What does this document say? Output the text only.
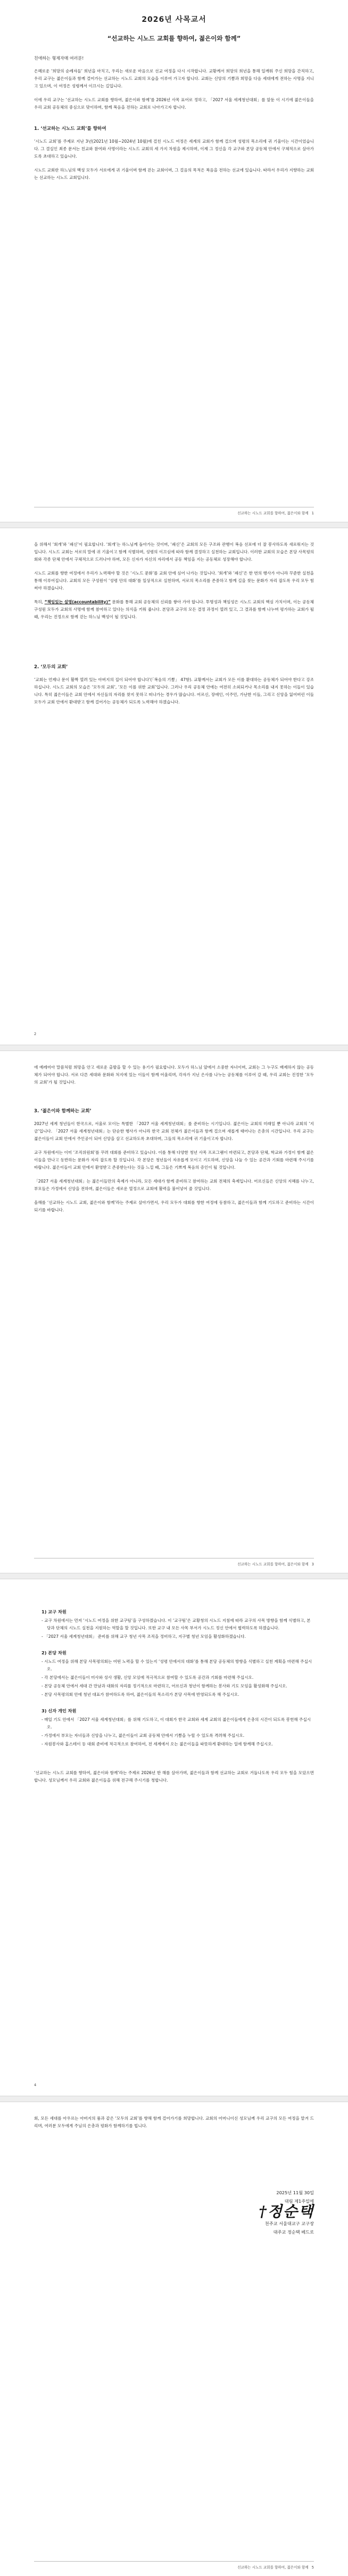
2026년 사목교서
“선교하는 시노드 교회를 향하여, 젊은이와 함께”
친애하는 형제자매 여러분!

은혜로운 ‘희망의 순례자들’ 희년을 마치고, 우리는 새로운 마음으로 선교 여정을 다시 시작합니다. 교황께서 희망의 희년을 통해 일깨워 주신 희망을 간직하고, 우리 교구는 젊은이들과 함께 걸어가는 선교하는 시노드 교회의 모습을 이루어 가고자 합니다. 교회는 신앙의 기쁨과 희망을 다음 세대에게 전하는 사명을 지니고 있으며, 이 여정은 성령께서 이끄시는 길입니다.

이에 우리 교구는 ‘선교하는 시노드 교회를 향하여, 젊은이와 함께’를 2026년 사목 표어로 정하고, 「2027 서울 세계청년대회」를 앞둔 이 시기에 젊은이들을 우리 교회 공동체의 중심으로 맞이하며, 함께 복음을 전하는 교회로 나아가고자 합니다.

1. ‘선교하는 시노드 교회’를 향하여

‘시노드 교회’를 주제로 지난 3년(2021년 10월~2024년 10월)에 걸친 시노드 여정은 세계의 교회가 함께 걸으며 성령의 목소리에 귀 기울이는 시간이었습니다. 그 결실인 최종 문서는 친교와 참여와 사명이라는 시노드 교회의 세 가지 차원을 제시하며, 이제 그 정신을 각 교구와 본당 공동체 안에서 구체적으로 살아가도록 초대하고 있습니다.

시노드 교회란 하느님의 백성 모두가 서로에게 귀 기울이며 함께 걷는 교회이며, 그 걸음의 목적은 복음을 전하는 선교에 있습니다. 따라서 우리가 지향하는 교회는 선교하는 시노드 교회입니다.

선교하는 시노드 교회를 향하여, 젊은이와 함께 1

을 위해서 ‘회개’와 ‘쇄신’이 필요합니다. ‘회개’는 하느님께 돌아가는 것이며, ‘쇄신’은 교회의 모든 구조와 관행이 복음 선포에 더 잘 봉사하도록 새로워지는 것입니다. 시노드 교회는 서로의 말에 귀 기울이고 함께 식별하며, 성령의 이끄심에 따라 함께 결정하고 실천하는 교회입니다. 이러한 교회의 모습은 본당 사목평의회와 각종 단체 안에서 구체적으로 드러나야 하며, 모든 신자가 자신의 자리에서 공동 책임을 지는 공동체로 성장해야 합니다.

시노드 교회를 향한 여정에서 우리가 노력해야 할 것은 ‘시노드 문화’를 교회 안에 심어 나가는 것입니다. ‘회개’와 ‘쇄신’은 한 번의 행사가 아니라 꾸준한 실천을 통해 이루어집니다. 교회의 모든 구성원이 ‘성령 안의 대화’를 일상적으로 실천하며, 서로의 목소리를 존중하고 함께 길을 찾는 문화가 자리 잡도록 우리 모두 힘써야 하겠습니다.

특히, “책임있는 설명(accountability)” 문화를 통해 교회 공동체의 신뢰를 쌓아 가야 합니다. 투명성과 책임성은 시노드 교회의 핵심 가치이며, 이는 공동체 구성원 모두가 교회의 사명에 함께 참여하고 있다는 의식을 키워 줍니다. 본당과 교구의 모든 결정 과정이 열려 있고, 그 결과를 함께 나누며 평가하는 교회가 될 때, 우리는 진정으로 함께 걷는 하느님 백성이 될 것입니다.

2. ‘모두의 교회’

‘교회는 언제나 문이 활짝 열려 있는 아버지의 집이 되어야 합니다’(「복음의 기쁨」 47항). 교황께서는 교회가 모든 이를 환대하는 공동체가 되어야 한다고 강조하십니다. 시노드 교회의 모습은 ‘모두의 교회’, ‘모든 이를 위한 교회’입니다. 그러나 우리 공동체 안에는 여전히 소외되거나 목소리를 내지 못하는 이들이 있습니다. 특히 젊은이들은 교회 안에서 자신들의 자리를 찾지 못하고 떠나가는 경우가 많습니다. 어르신, 장애인, 이주민, 가난한 이들, 그리고 신앙을 잃어버린 이들 모두가 교회 안에서 환대받고 함께 걸어가는 공동체가 되도록 노력해야 하겠습니다.

2

에 예레미아 말씀처럼 희망을 안고 새로운 출발을 할 수 있는 용기가 필요합니다. 모두가 하느님 앞에서 소중한 자녀이며, 교회는 그 누구도 배제하지 않는 공동체가 되어야 합니다. 서로 다른 세대와 문화와 처지에 있는 이들이 함께 어울리며, 각자가 지닌 은사를 나누는 공동체를 이루어 갈 때, 우리 교회는 진정한 ‘모두의 교회’가 될 것입니다.

3. ‘젊은이와 함께하는 교회’

2027년 세계 청년들이 한국으로, 서울로 모이는 특별한 「2027 서울 세계청년대회」를 준비하는 시기입니다. 젊은이는 교회의 미래일 뿐 아니라 교회의 ‘지금’입니다. 「2027 서울 세계청년대회」는 단순한 행사가 아니라 한국 교회 전체가 젊은이들과 함께 걸으며 새롭게 태어나는 은총의 시간입니다. 우리 교구는 젊은이들이 교회 안에서 주인공이 되어 신앙을 살고 선교하도록 초대하며, 그들의 목소리에 귀 기울이고자 합니다.

교구 차원에서는 이미 ‘조직위원회’를 꾸려 대회를 준비하고 있습니다. 이를 통해 다양한 청년 사목 프로그램이 마련되고, 본당과 단체, 학교와 가정이 함께 젊은이들을 만나고 동반하는 문화가 자리 잡도록 할 것입니다. 각 본당은 청년들이 자유롭게 모이고 기도하며, 신앙을 나눌 수 있는 공간과 기회를 마련해 주시기를 바랍니다. 젊은이들이 교회 안에서 환영받고 존중받는다는 것을 느낄 때, 그들은 기쁘게 복음의 증인이 될 것입니다.

「2027 서울 세계청년대회」는 젊은이들만의 축제가 아니라, 모든 세대가 함께 준비하고 참여하는 교회 전체의 축제입니다. 어르신들은 신앙의 지혜를 나누고, 부모들은 가정에서 신앙을 전하며, 젊은이들은 새로운 열정으로 교회에 활력을 불어넣어 줄 것입니다.

올해를 ‘선교하는 시노드 교회, 젊은이와 함께’라는 주제로 살아가면서, 우리 모두가 대회를 향한 여정에 동참하고, 젊은이들과 함께 기도하고 준비하는 시간이 되기를 바랍니다.

선교하는 시노드 교회를 향하여, 젊은이와 함께 3
1) 교구 차원
- 교구 차원에서는 먼저 ‘시노드 여정을 위한 교구팀’을 구성하겠습니다. 이 ‘교구팀’은 교황청의 시노드 지침에 따라 교구의 사목 방향을 함께 식별하고, 본당과 단체의 시노드 실천을 지원하는 역할을 할 것입니다. 또한 교구 내 모든 사목 부서가 시노드 정신 안에서 협력하도록 하겠습니다.
- 「2027 서울 세계청년대회」 준비를 위해 교구 청년 사목 조직을 정비하고, 지구별 청년 모임을 활성화하겠습니다.
2) 본당 차원
- 시노드 여정을 위해 본당 사목평의회는 어떤 노력을 할 수 있는지 ‘성령 안에서의 대화’를 통해 본당 공동체의 방향을 식별하고 실천 계획을 마련해 주십시오.
- 각 본당에서는 젊은이들이 미사와 성사 생활, 신앙 모임에 적극적으로 참여할 수 있도록 공간과 기회를 마련해 주십시오.
- 본당 공동체 안에서 세대 간 만남과 대화의 자리를 정기적으로 마련하고, 어르신과 청년이 함께하는 봉사와 기도 모임을 활성화해 주십시오.
- 본당 사목평의회 안에 청년 대표가 참여하도록 하여, 젊은이들의 목소리가 본당 사목에 반영되도록 해 주십시오.
3) 신자 개인 차원
- 매일 기도 안에서 「2027 서울 세계청년대회」를 위해 기도하고, 이 대회가 한국 교회와 세계 교회의 젊은이들에게 은총의 시간이 되도록 봉헌해 주십시오.
- 가정에서 부모는 자녀들과 신앙을 나누고, 젊은이들이 교회 공동체 안에서 기쁨을 누릴 수 있도록 격려해 주십시오.
- 자원봉사와 홈스테이 등 대회 준비에 적극적으로 참여하여, 전 세계에서 오는 젊은이들을 따뜻하게 환대하는 일에 함께해 주십시오.

‘선교하는 시노드 교회를 향하여, 젊은이와 함께’라는 주제로 2026년 한 해를 살아가며, 젊은이들과 함께 선교하는 교회로 거듭나도록 우리 모두 힘을 모았으면 합니다. 성모님께서 우리 교회와 젊은이들을 위해 전구해 주시기를 청합니다.

4

회, 모든 세대를 아우르는 아버지의 품과 같은 ‘모두의 교회’를 향해 함께 걸어가기를 희망합니다. 교회의 어머니이신 성모님께 우리 교구의 모든 여정을 맡겨 드리며, 여러분 모두에게 주님의 은총과 평화가 함께하기를 빕니다.

2025년 11월 30일
대림 제1주일에
†정순택
천주교 서울대교구 교구장
대주교 정순택 베드로
선교하는 시노드 교회를 향하여, 젊은이와 함께 5
